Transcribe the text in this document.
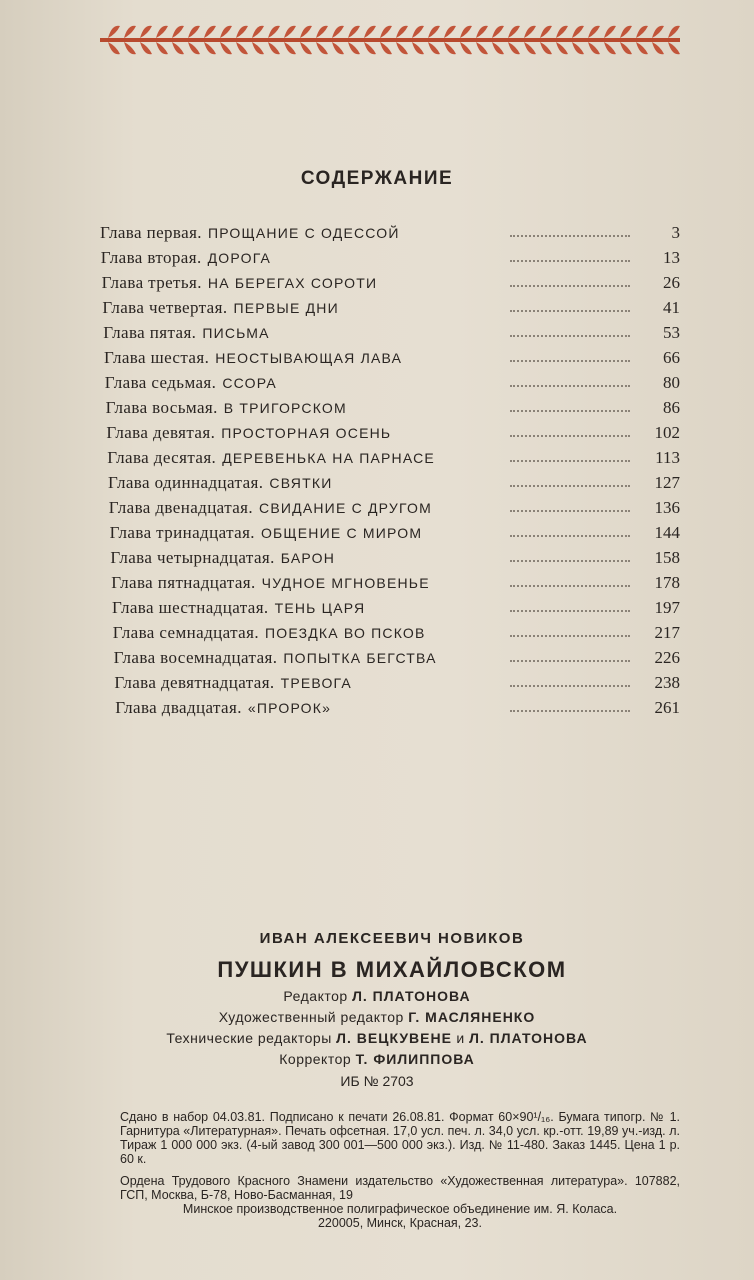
СОДЕРЖАНИЕ
Глава первая. ПРОЩАНИЕ С ОДЕССОЙ	3
Глава вторая. ДОРОГА	13
Глава третья. НА БЕРЕГАХ СОРОТИ	26
Глава четвертая. ПЕРВЫЕ ДНИ	41
Глава пятая. ПИСЬМА	53
Глава шестая. НЕОСТЫВАЮЩАЯ ЛАВА	66
Глава седьмая. ССОРА	80
Глава восьмая. В ТРИГОРСКОМ	86
Глава девятая. ПРОСТОРНАЯ ОСЕНЬ	102
Глава десятая. ДЕРЕВЕНЬКА НА ПАРНАСЕ	113
Глава одиннадцатая. СВЯТКИ	127
Глава двенадцатая. СВИДАНИЕ С ДРУГОМ	136
Глава тринадцатая. ОБЩЕНИЕ С МИРОМ	144
Глава четырнадцатая. БАРОН	158
Глава пятнадцатая. ЧУДНОЕ МГНОВЕНЬЕ	178
Глава шестнадцатая. ТЕНЬ ЦАРЯ	197
Глава семнадцатая. ПОЕЗДКА ВО ПСКОВ	217
Глава восемнадцатая. ПОПЫТКА БЕГСТВА	226
Глава девятнадцатая. ТРЕВОГА	238
Глава двадцатая. «ПРОРОК»	261
ИВАН АЛЕКСЕЕВИЧ НОВИКОВ
ПУШКИН В МИХАЙЛОВСКОМ
Редактор Л. ПЛАТОНОВА
Художественный редактор Г. МАСЛЯНЕНКО
Технические редакторы Л. ВЕЦКУВЕНЕ и Л. ПЛАТОНОВА
Корректор Т. ФИЛИППОВА
ИБ № 2703

Сдано в набор 04.03.81. Подписано к печати 26.08.81. Формат 60×90¹/₁₆. Бумага типогр. № 1. Гарнитура «Литературная». Печать офсетная. 17,0 усл. печ. л. 34,0 усл. кр.-отт. 19,89 уч.-изд. л. Тираж 1 000 000 экз. (4-ый завод 300 001—500 000 экз.). Изд. № 11-480. Заказ 1445. Цена 1 р. 60 к.

Ордена Трудового Красного Знамени издательство «Художественная литература». 107882, ГСП, Москва, Б-78, Ново-Басманная, 19

Минское производственное полиграфическое объединение им. Я. Коласа.

220005, Минск, Красная, 23.
